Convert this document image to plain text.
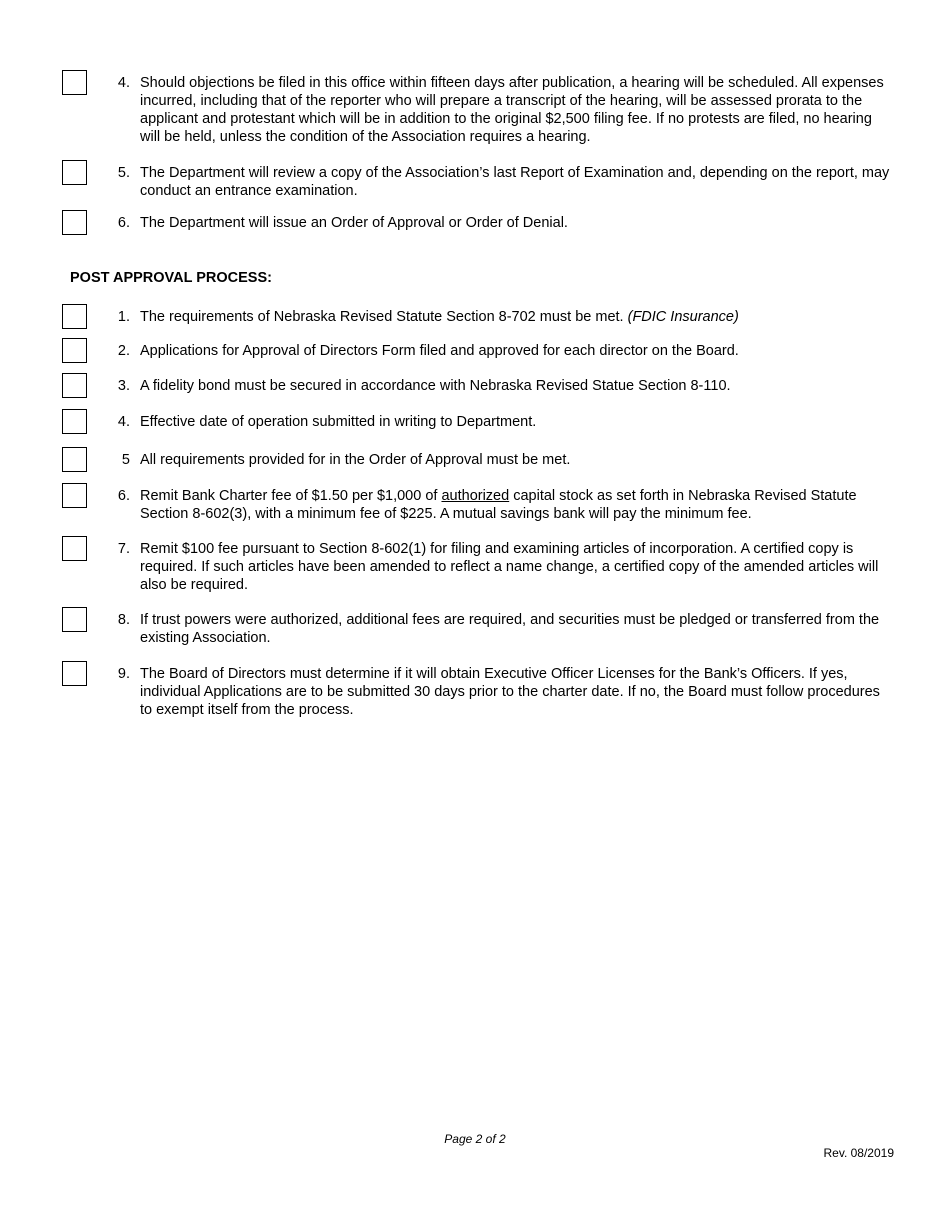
4. Should objections be filed in this office within fifteen days after publication, a hearing will be scheduled. All expenses incurred, including that of the reporter who will prepare a transcript of the hearing, will be assessed prorata to the applicant and protestant which will be in addition to the original $2,500 filing fee. If no protests are filed, no hearing will be held, unless the condition of the Association requires a hearing.
5. The Department will review a copy of the Association’s last Report of Examination and, depending on the report, may conduct an entrance examination.
6. The Department will issue an Order of Approval or Order of Denial.
POST APPROVAL PROCESS:
1. The requirements of Nebraska Revised Statute Section 8-702 must be met. (FDIC Insurance)
2. Applications for Approval of Directors Form filed and approved for each director on the Board.
3. A fidelity bond must be secured in accordance with Nebraska Revised Statue Section 8-110.
4. Effective date of operation submitted in writing to Department.
5 All requirements provided for in the Order of Approval must be met.
6. Remit Bank Charter fee of $1.50 per $1,000 of authorized capital stock as set forth in Nebraska Revised Statute Section 8-602(3), with a minimum fee of $225. A mutual savings bank will pay the minimum fee.
7. Remit $100 fee pursuant to Section 8-602(1) for filing and examining articles of incorporation. A certified copy is required. If such articles have been amended to reflect a name change, a certified copy of the amended articles will also be required.
8. If trust powers were authorized, additional fees are required, and securities must be pledged or transferred from the existing Association.
9. The Board of Directors must determine if it will obtain Executive Officer Licenses for the Bank’s Officers. If yes, individual Applications are to be submitted 30 days prior to the charter date. If no, the Board must follow procedures to exempt itself from the process.
Page 2 of 2
Rev. 08/2019
